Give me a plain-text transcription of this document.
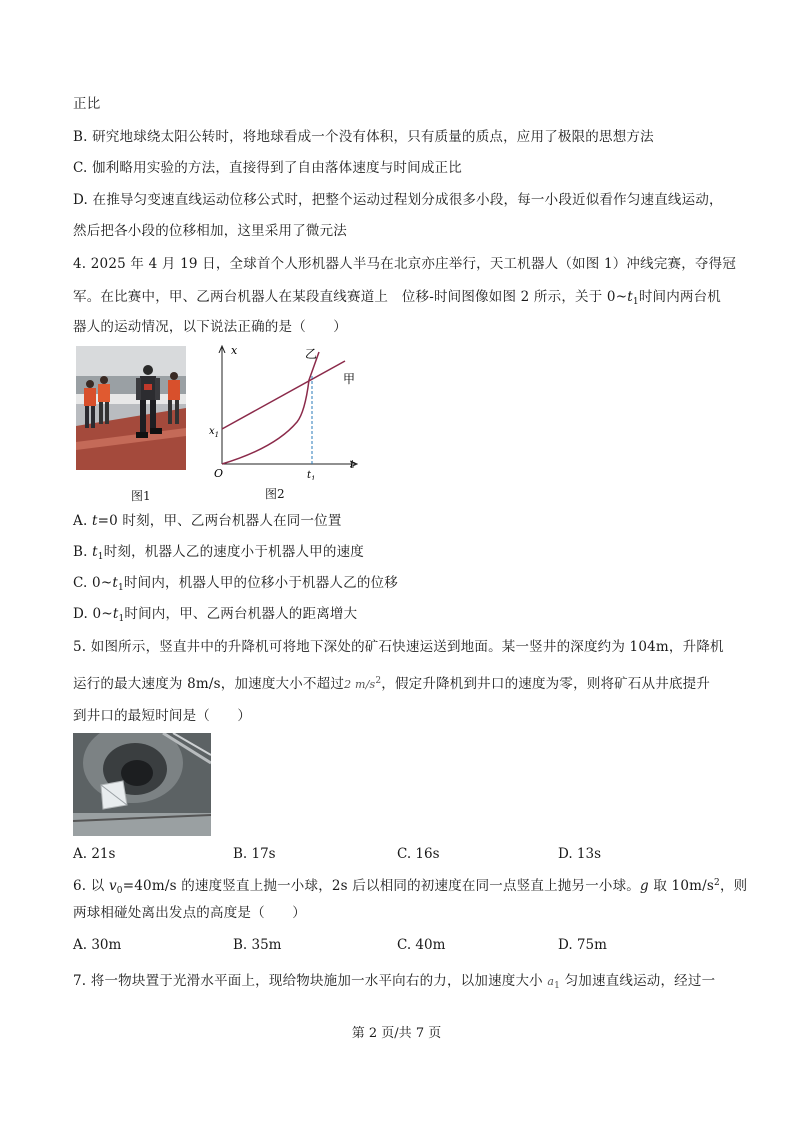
正比
B. 研究地球绕太阳公转时，将地球看成一个没有体积，只有质量的质点，应用了极限的思想方法
C. 伽利略用实验的方法，直接得到了自由落体速度与时间成正比
D. 在推导匀变速直线运动位移公式时，把整个运动过程划分成很多小段，每一小段近似看作匀速直线运动，
然后把各小段的位移相加，这里采用了微元法
4. 2025 年 4 月 19 日，全球首个人形机器人半马在北京亦庄举行，天工机器人（如图 1）冲线完赛，夺得冠
军。在比赛中，甲、乙两台机器人在某段直线赛道上　位移-时间图像如图 2 所示，关于 $0\sim t_1$时间内两台机
器人的运动情况，以下说法正确的是（　　）
图1
x
t
O
$x_1$
$t_1$
乙
甲
图2
A. t=0 时刻，甲、乙两台机器人在同一位置
B. $t_1$时刻，机器人乙的速度小于机器人甲的速度
C. $0\sim t_1$时间内，机器人甲的位移小于机器人乙的位移
D. $0\sim t_1$时间内，甲、乙两台机器人的距离增大
5. 如图所示，竖直井中的升降机可将地下深处的矿石快速运送到地面。某一竖井的深度约为 104m，升降机
运行的最大速度为 8m/s，加速度大小不超过2 $m/s^2$，假定升降机到井口的速度为零，则将矿石从井底提升
到井口的最短时间是（　　）
A. 21s	B. 17s	C. 16s	D. 13s
6. 以 $v_0=40m/s$ 的速度竖直上抛一小球，2s 后以相同的初速度在同一点竖直上抛另一小球。g 取 $10m/s^2$，则
两球相碰处离出发点的高度是（　　）
A. 30m	B. 35m	C. 40m	D. 75m
7. 将一物块置于光滑水平面上，现给物块施加一水平向右的力，以加速度大小 $a_1$ 匀加速直线运动，经过一
第 2 页/共 7 页
